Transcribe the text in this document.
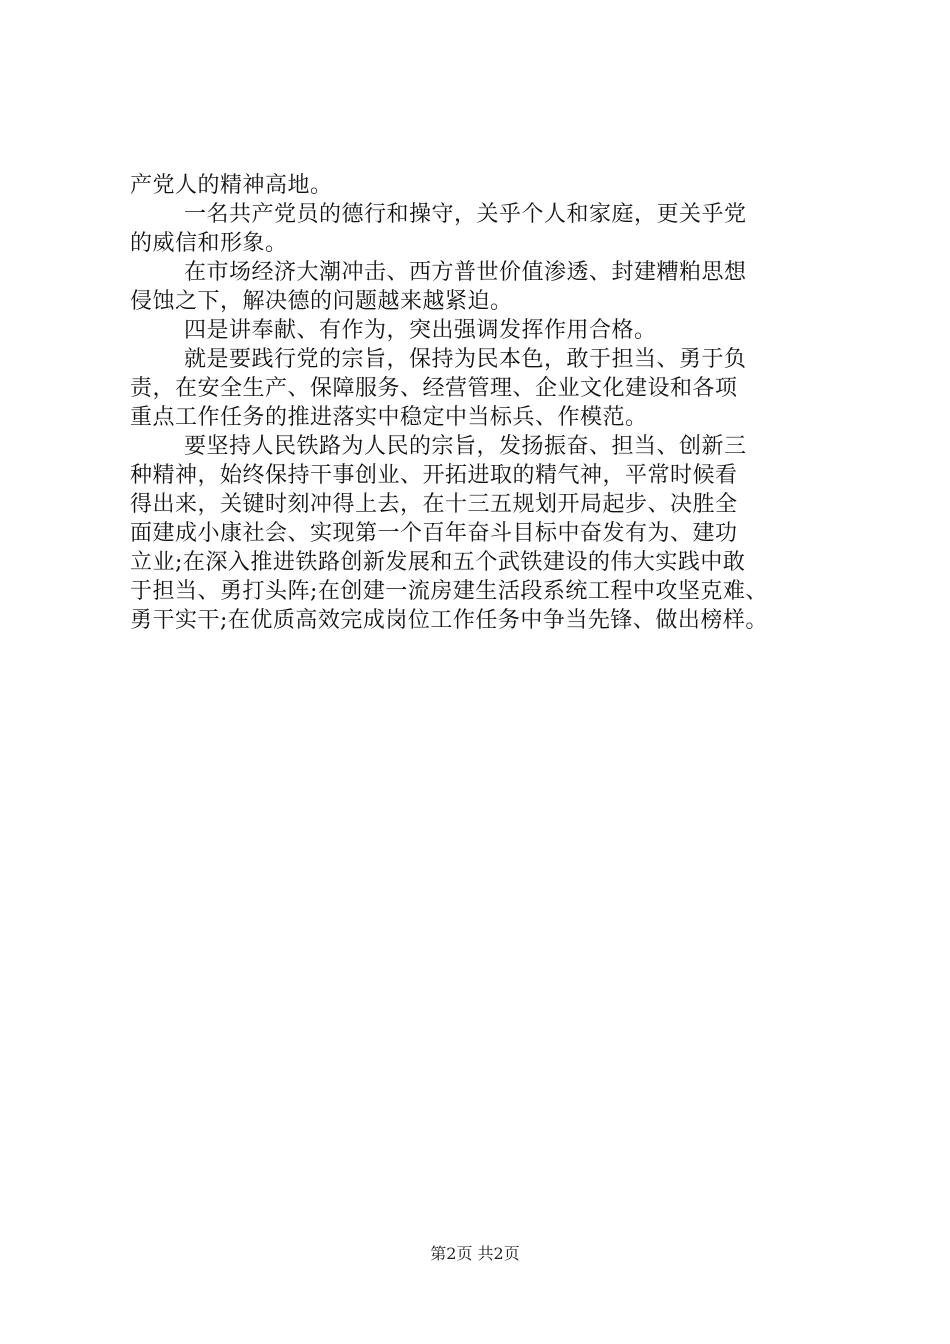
产党人的精神高地。
一名共产党员的德行和操守，关乎个人和家庭，更关乎党
的威信和形象。
在市场经济大潮冲击、西方普世价值渗透、封建糟粕思想
侵蚀之下，解决德的问题越来越紧迫。
四是讲奉献、有作为，突出强调发挥作用合格。
就是要践行党的宗旨，保持为民本色，敢于担当、勇于负
责，在安全生产、保障服务、经营管理、企业文化建设和各项
重点工作任务的推进落实中稳定中当标兵、作模范。
要坚持人民铁路为人民的宗旨，发扬振奋、担当、创新三
种精神，始终保持干事创业、开拓进取的精气神，平常时候看
得出来，关键时刻冲得上去，在十三五规划开局起步、决胜全
面建成小康社会、实现第一个百年奋斗目标中奋发有为、建功
立业;在深入推进铁路创新发展和五个武铁建设的伟大实践中敢
于担当、勇打头阵;在创建一流房建生活段系统工程中攻坚克难、
勇干实干;在优质高效完成岗位工作任务中争当先锋、做出榜样。
第2页 共2页
